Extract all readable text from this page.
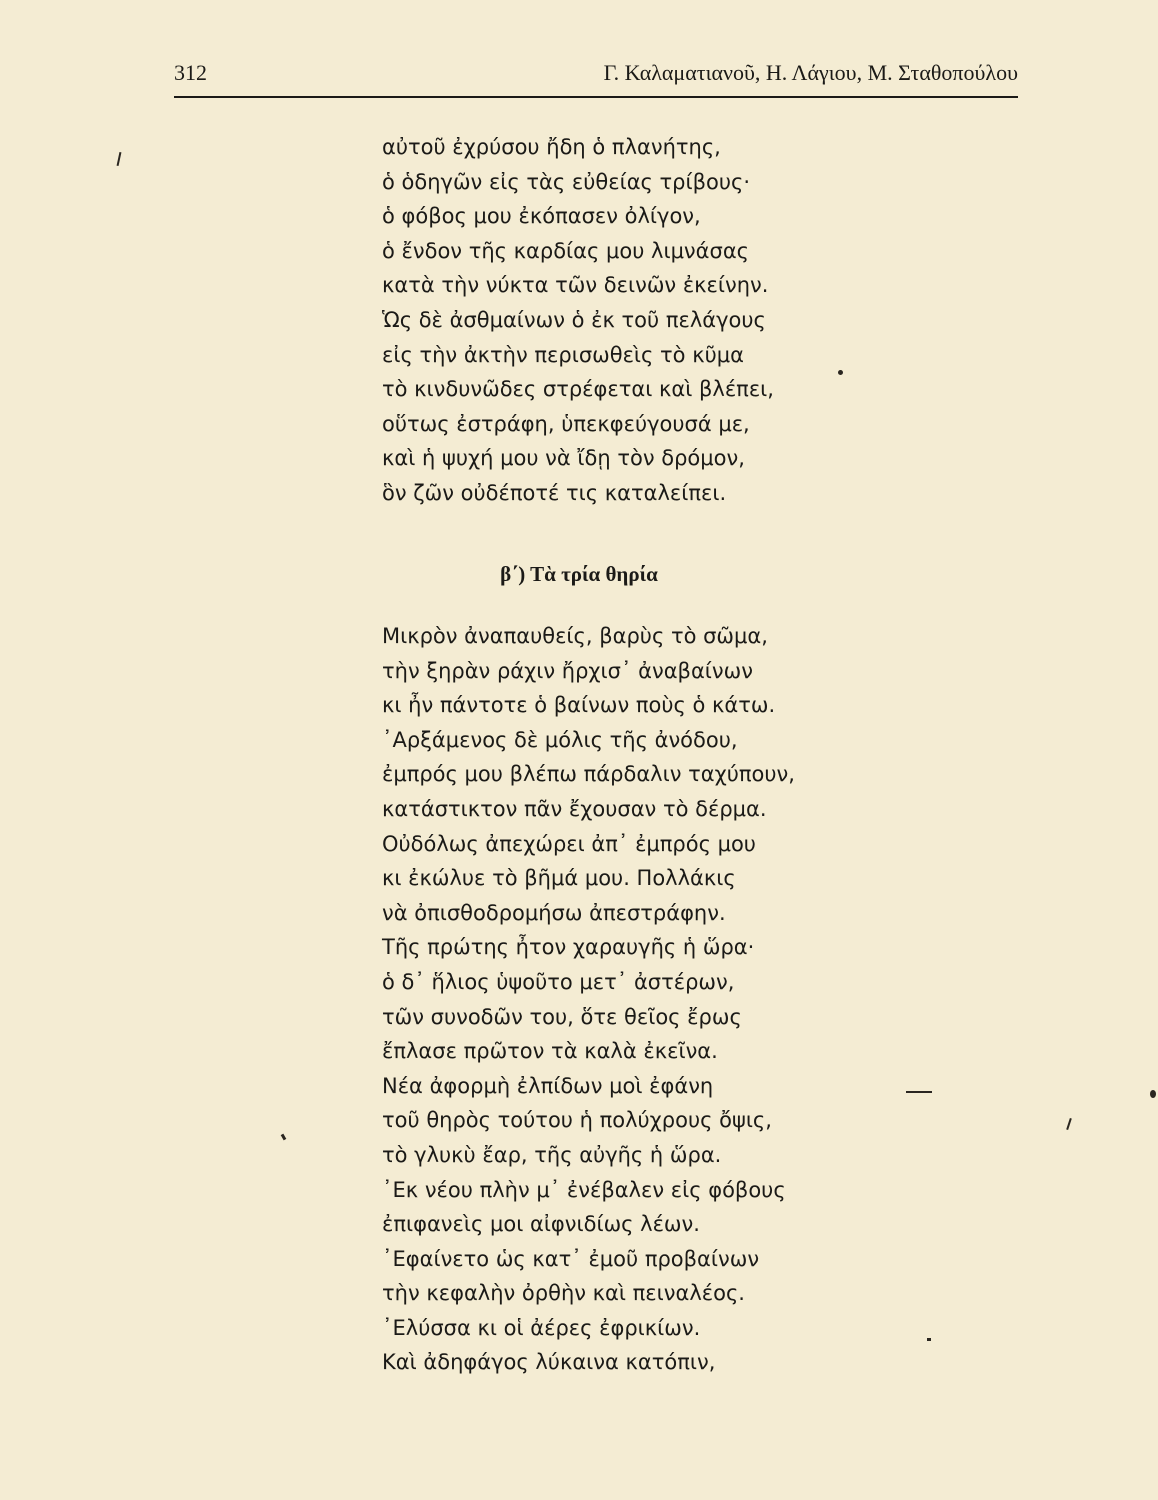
312	Γ. Καλαματιανοῦ, Η. Λάγιου, Μ. Σταθοπούλου
αὐτοῦ ἐχρύσου ἤδη ὁ πλανήτης,
ὁ ὁδηγῶν εἰς τὰς εὐθείας τρίβους·
ὁ φόβος μου ἐκόπασεν ὀλίγον,
ὁ ἔνδον τῆς καρδίας μου λιμνάσας
κατὰ τὴν νύκτα τῶν δεινῶν ἐκείνην.
Ὡς δὲ ἀσθμαίνων ὁ ἐκ τοῦ πελάγους
εἰς τὴν ἀκτὴν περισωθεὶς τὸ κῦμα
τὸ κινδυνῶδες στρέφεται καὶ βλέπει,
οὕτως ἐστράφη, ὑπεκφεύγουσά με,
καὶ ἡ ψυχή μου νὰ ἴδῃ τὸν δρόμον,
ὃν ζῶν οὐδέποτέ τις καταλείπει.
β΄) Τὰ τρία θηρία
Μικρὸν ἀναπαυθείς, βαρὺς τὸ σῶμα,
τὴν ξηρὰν ράχιν ἤρχισ᾽ ἀναβαίνων
κι ἦν πάντοτε ὁ βαίνων ποὺς ὁ κάτω.
᾽Αρξάμενος δὲ μόλις τῆς ἀνόδου,
ἐμπρός μου βλέπω πάρδαλιν ταχύπουν,
κατάστικτον πᾶν ἔχουσαν τὸ δέρμα.
Οὐδόλως ἀπεχώρει ἀπ᾽ ἐμπρός μου
κι ἐκώλυε τὸ βῆμά μου. Πολλάκις
νὰ ὀπισθοδρομήσω ἀπεστράφην.
Τῆς πρώτης ἦτον χαραυγῆς ἡ ὥρα·
ὁ δ᾽ ἥλιος ὑψοῦτο μετ᾽ ἀστέρων,
τῶν συνοδῶν του, ὅτε θεῖος ἔρως
ἔπλασε πρῶτον τὰ καλὰ ἐκεῖνα.
Νέα ἀφορμὴ ἐλπίδων μοὶ ἐφάνη
τοῦ θηρὸς τούτου ἡ πολύχρους ὄψις,
τὸ γλυκὺ ἔαρ, τῆς αὐγῆς ἡ ὥρα.
᾽Εκ νέου πλὴν μ᾽ ἐνέβαλεν εἰς φόβους
ἐπιφανεὶς μοι αἰφνιδίως λέων.
᾽Εφαίνετο ὡς κατ᾽ ἐμοῦ προβαίνων
τὴν κεφαλὴν ὀρθὴν καὶ πειναλέος.
᾽Ελύσσα κι οἱ ἀέρες ἐφρικίων.
Καὶ ἀδηφάγος λύκαινα κατόπιν,
